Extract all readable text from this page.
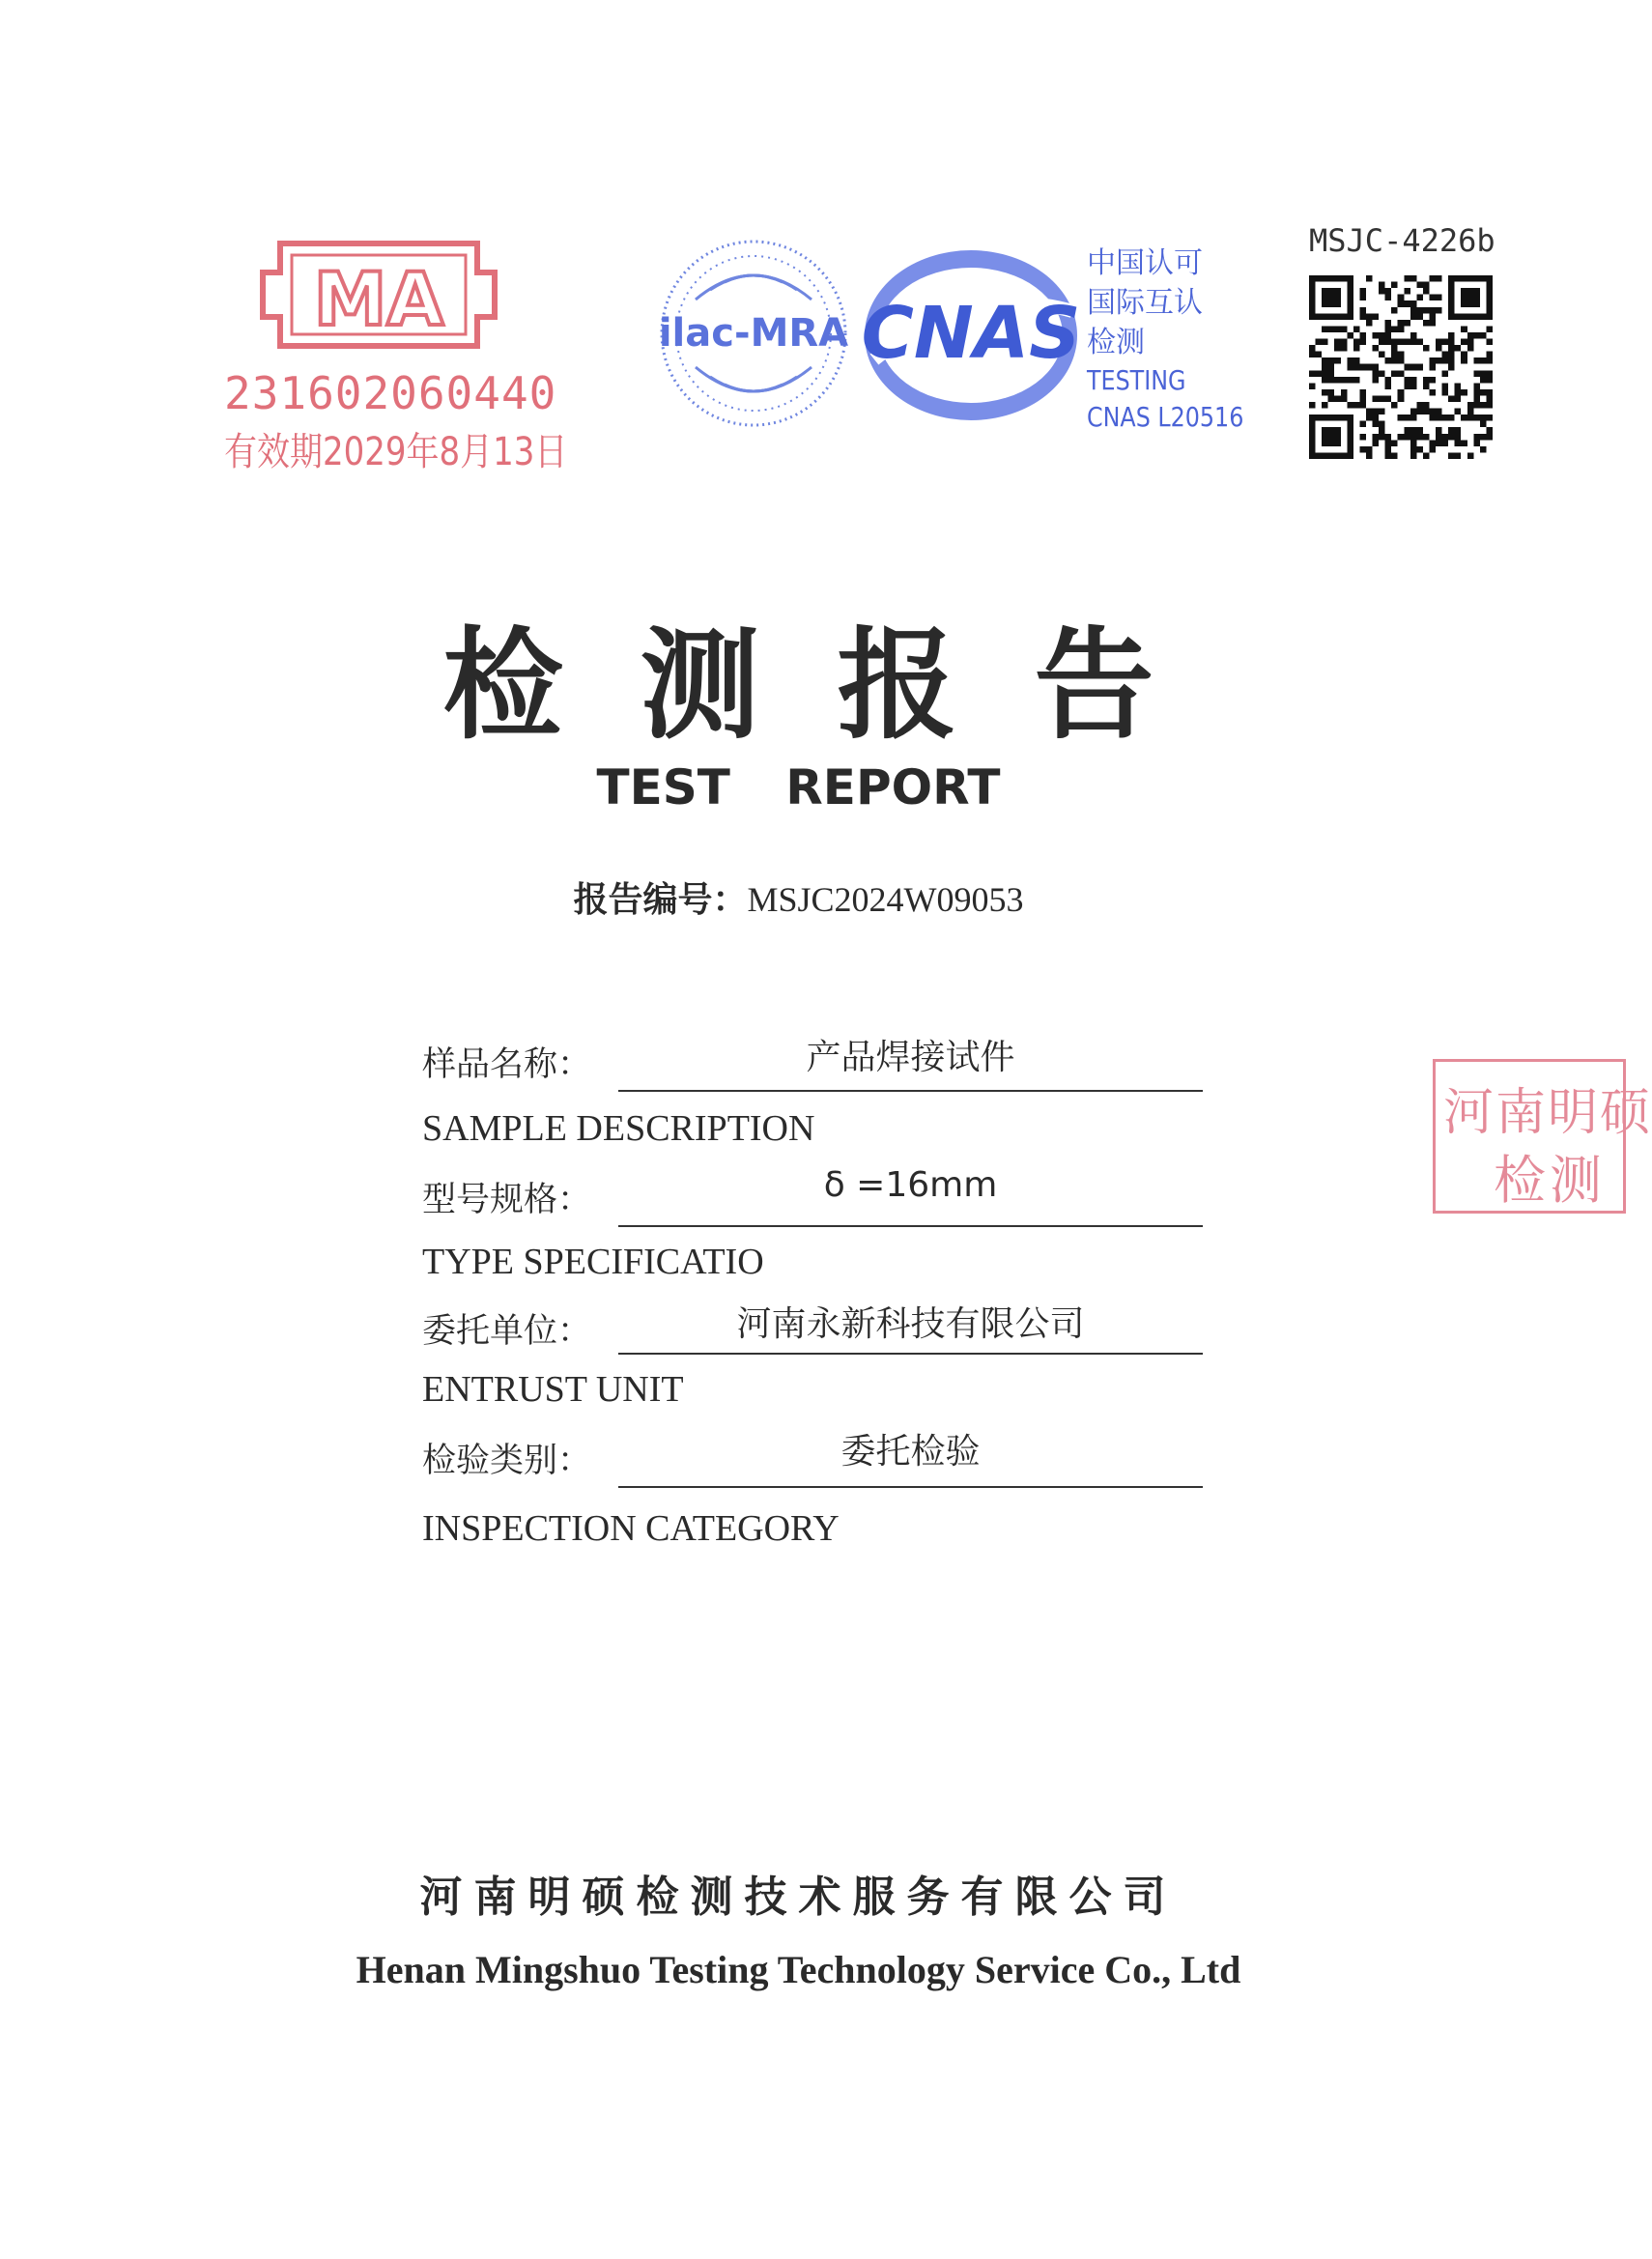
MA
231602060440
有效期2029年8月13日
ilac-MRA CNAS
中国认可
国际互认
检测
TESTING
CNAS L20516
MSJC-4226b
检测报告
TEST REPORT
报告编号：MSJC2024W09053
样品名称：	产品焊接试件
SAMPLE DESCRIPTION
型号规格：	δ =16mm
TYPE SPECIFICATIO
委托单位：	河南永新科技有限公司
ENTRUST UNIT
检验类别：	委托检验
INSPECTION CATEGORY
河南明硕
检测
河南明硕检测技术服务有限公司
Henan Mingshuo Testing Technology Service Co., Ltd
